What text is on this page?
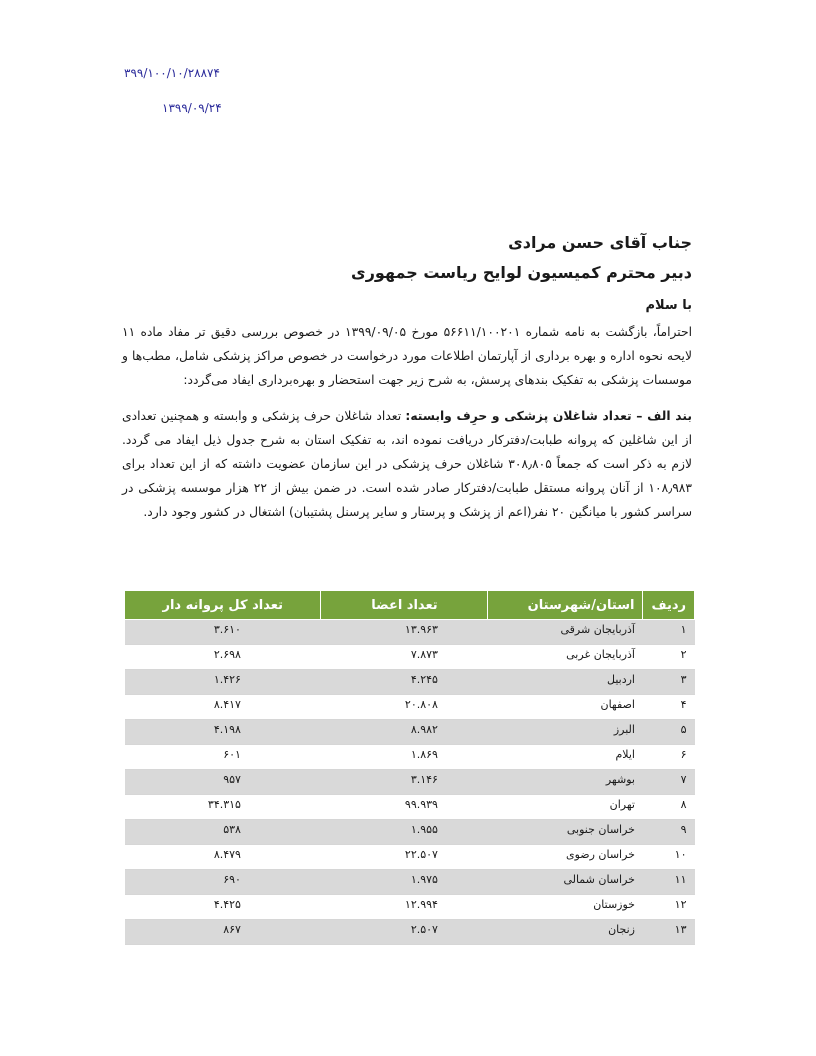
۳۹۹/۱۰۰/۱۰/۲۸۸۷۴
۱۳۹۹/۰۹/۲۴
جناب آقای حسن مرادی
دبیر محترم کمیسیون لوایح ریاست جمهوری
با سلام
احتراماً، بازگشت به نامه شماره ۵۶۶۱۱/۱۰۰۲۰۱ مورخ ۱۳۹۹/۰۹/۰۵ در خصوص بررسی دقیق تر مفاد ماده ۱۱ لایحه نحوه اداره و بهره برداری از آپارتمان اطلاعات مورد درخواست در خصوص مراکز پزشکی شامل، مطب‌ها و موسسات پزشکی به تفکیک بندهای پرسش، به شرح زیر جهت استحضار و بهره‌برداری ایفاد می‌گردد:
بند الف – تعداد شاغلان پزشکی و حرِف وابسته: تعداد شاغلان حرف پزشکی و وابسته و همچنین تعدادی از این شاغلین که پروانه طبابت/دفترکار دریافت نموده اند، به تفکیک استان به شرح جدول ذیل ایفاد می گردد. لازم به ذکر است که جمعاً ۳۰۸٫۸۰۵ شاغلان حرف پزشکی در این سازمان عضویت داشته که از این تعداد برای ۱۰۸٫۹۸۳ از آنان پروانه مستقل طبابت/دفترکار صادر شده است. در ضمن بیش از ۲۲ هزار موسسه پزشکی در سراسر کشور با میانگین ۲۰ نفر(اعم از پزشک و پرستار و سایر پرسنل پشتیبان) اشتغال در کشور وجود دارد.
ردیف	استان/شهرستان	تعداد اعضا	تعداد کل پروانه دار
۱	آذربایجان شرقی	۱۳.۹۶۳	۳.۶۱۰
۲	آذربایجان غربی	۷.۸۷۳	۲.۶۹۸
۳	اردبیل	۴.۲۴۵	۱.۴۲۶
۴	اصفهان	۲۰.۸۰۸	۸.۴۱۷
۵	البرز	۸.۹۸۲	۴.۱۹۸
۶	ایلام	۱.۸۶۹	۶۰۱
۷	بوشهر	۳.۱۴۶	۹۵۷
۸	تهران	۹۹.۹۳۹	۳۴.۳۱۵
۹	خراسان جنوبی	۱.۹۵۵	۵۳۸
۱۰	خراسان رضوی	۲۲.۵۰۷	۸.۴۷۹
۱۱	خراسان شمالی	۱.۹۷۵	۶۹۰
۱۲	خوزستان	۱۲.۹۹۴	۴.۴۲۵
۱۳	زنجان	۲.۵۰۷	۸۶۷
